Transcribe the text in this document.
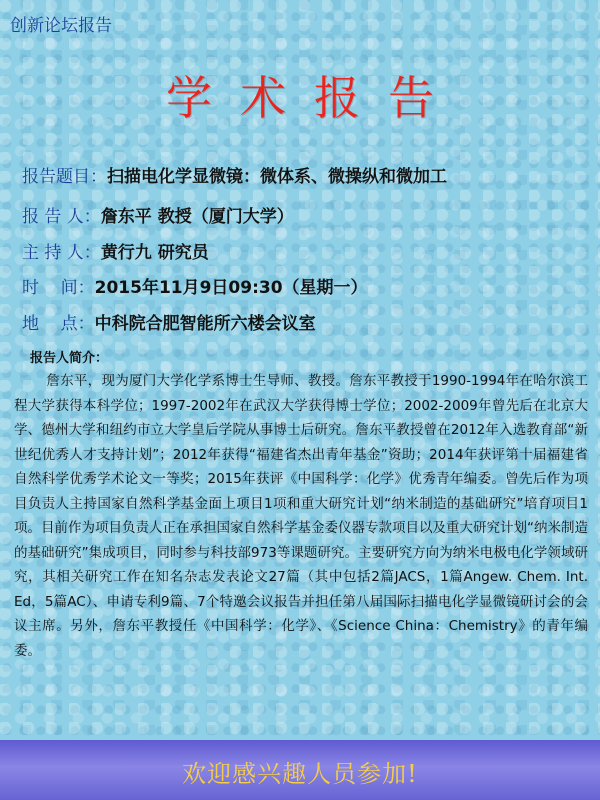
创新论坛报告
学术报告
报告题目： 扫描电化学显微镜：微体系、微操纵和微加工
报 告 人： 詹东平 教授（厦门大学）
主 持 人： 黄行九 研究员
时    间： 2015年11月9日09:30（星期一）
地    点： 中科院合肥智能所六楼会议室
报告人简介：
詹东平，现为厦门大学化学系博士生导师、教授。詹东平教授于1990-1994年在哈尔滨工程大学获得本科学位；1997-2002年在武汉大学获得博士学位；2002-2009年曾先后在北京大学、德州大学和纽约市立大学皇后学院从事博士后研究。詹东平教授曾在2012年入选教育部“新世纪优秀人才支持计划”；2012年获得“福建省杰出青年基金”资助；2014年获评第十届福建省自然科学优秀学术论文一等奖；2015年获评《中国科学：化学》优秀青年编委。曾先后作为项目负责人主持国家自然科学基金面上项目1项和重大研究计划“纳米制造的基础研究”培育项目1项。目前作为项目负责人正在承担国家自然科学基金委仪器专款项目以及重大研究计划“纳米制造的基础研究”集成项目，同时参与科技部973等课题研究。主要研究方向为纳米电极电化学领域研究，其相关研究工作在知名杂志发表论文27篇（其中包括2篇JACS，1篇Angew. Chem. Int. Ed，5篇AC）、申请专利9篇、7个特邀会议报告并担任第八届国际扫描电化学显微镜研讨会的会议主席。另外，詹东平教授任《中国科学：化学》、《Science China：Chemistry》的青年编委。
欢迎感兴趣人员参加!
